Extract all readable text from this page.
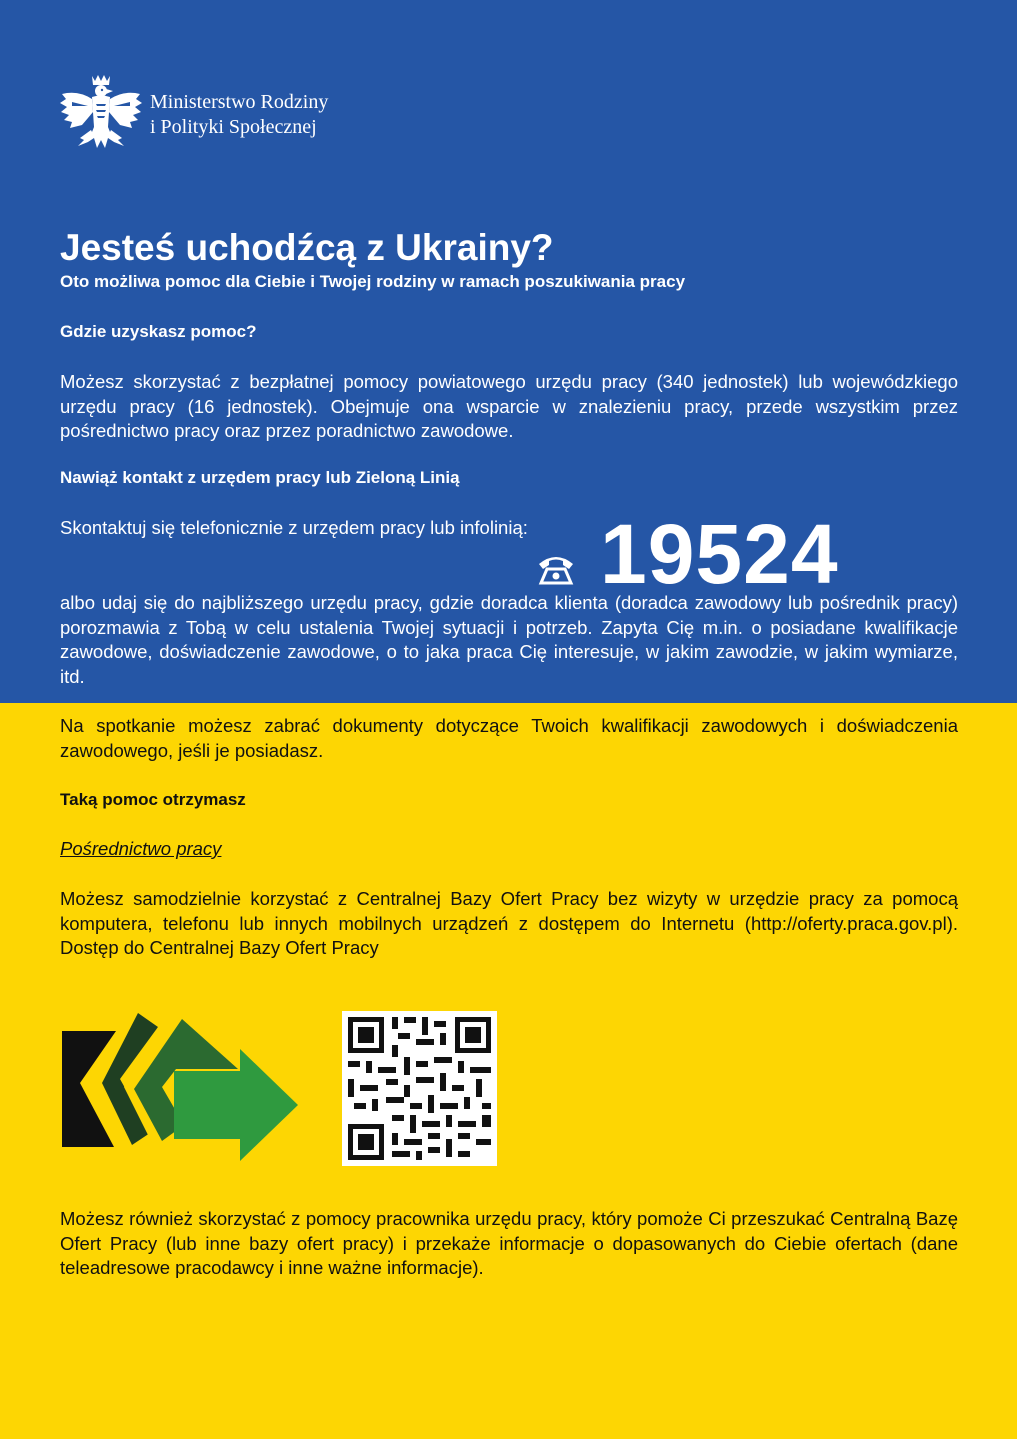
Ministerstwo Rodziny
i Polityki Społecznej
Jesteś uchodźcą z Ukrainy?

Oto możliwa pomoc dla Ciebie i Twojej rodziny w ramach poszukiwania pracy

Gdzie uzyskasz pomoc?

Możesz skorzystać z bezpłatnej pomocy powiatowego urzędu pracy (340 jednostek) lub wojewódzkiego urzędu pracy (16 jednostek). Obejmuje ona wsparcie w znalezieniu pracy, przede wszystkim przez pośrednictwo pracy oraz przez poradnictwo zawodowe.

Nawiąż kontakt z urzędem pracy lub Zieloną Linią

Skontaktuj się telefonicznie z urzędem pracy lub infolinią: 19524

albo udaj się do najbliższego urzędu pracy, gdzie doradca klienta (doradca zawodowy lub pośrednik pracy) porozmawia z Tobą w celu ustalenia Twojej sytuacji i potrzeb. Zapyta Cię m.in. o posiadane kwalifikacje zawodowe, doświadczenie zawodowe, o to jaka praca Cię interesuje, w jakim zawodzie, w jakim wymiarze, itd.

Na spotkanie możesz zabrać dokumenty dotyczące Twoich kwalifikacji zawodowych i doświadczenia zawodowego, jeśli je posiadasz.

Taką pomoc otrzymasz

Pośrednictwo pracy

Możesz samodzielnie korzystać z Centralnej Bazy Ofert Pracy bez wizyty w urzędzie pracy za pomocą komputera, telefonu lub innych mobilnych urządzeń z dostępem do Internetu (http://oferty.praca.gov.pl). Dostęp do Centralnej Bazy Ofert Pracy

Możesz również skorzystać z pomocy pracownika urzędu pracy, który pomoże Ci przeszukać Centralną Bazę Ofert Pracy (lub inne bazy ofert pracy) i przekaże informacje o dopasowanych do Ciebie ofertach (dane teleadresowe pracodawcy i inne ważne informacje).
